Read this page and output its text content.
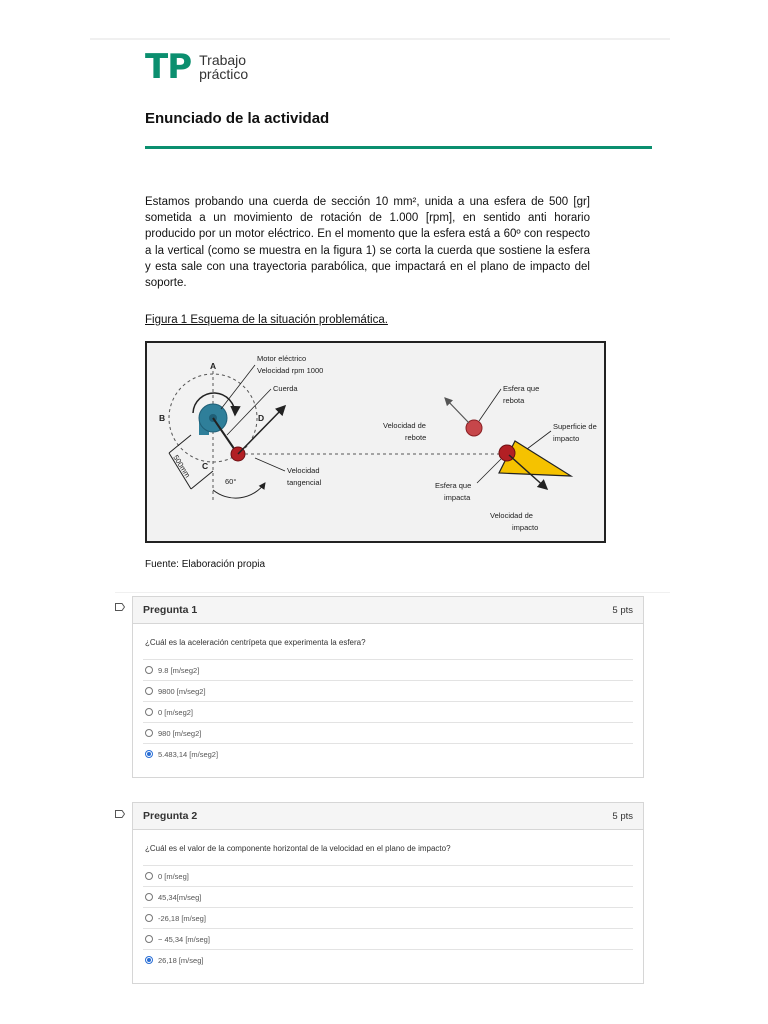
TP Trabajo
práctico
Enunciado de la actividad
Estamos probando una cuerda de sección 10 mm², unida a una esfera de 500 [gr] sometida a un movimiento de rotación de 1.000 [rpm], en sentido anti horario producido por un motor eléctrico. En el momento que la esfera está a 60º con respecto a la vertical (como se muestra en la figura 1) se corta la cuerda que sostiene la esfera y esta sale con una trayectoria parabólica, que impactará en el plano de impacto del soporte.
Figura 1 Esquema de la situación problemática.
A
B
C
D
Motor eléctrico
Velocidad rpm 1000
Cuerda
500mm
60°
Velocidad
tangencial
Esfera que
rebota
Velocidad de
rebote
Superficie de
impacto
Esfera que
impacta
Velocidad de
impacto
Fuente: Elaboración propia
Pregunta 1	5 pts
¿Cuál es la aceleración centrípeta que experimenta la esfera?
9.8 [m/seg2]
9800 [m/seg2]
0 [m/seg2]
980 [m/seg2]
5.483,14 [m/seg2]
Pregunta 2	5 pts
¿Cuál es el valor de la componente horizontal de la velocidad en el plano de impacto?
0 [m/seg]
45,34[m/seg]
-26,18 [m/seg]
− 45,34 [m/seg]
26,18 [m/seg]
